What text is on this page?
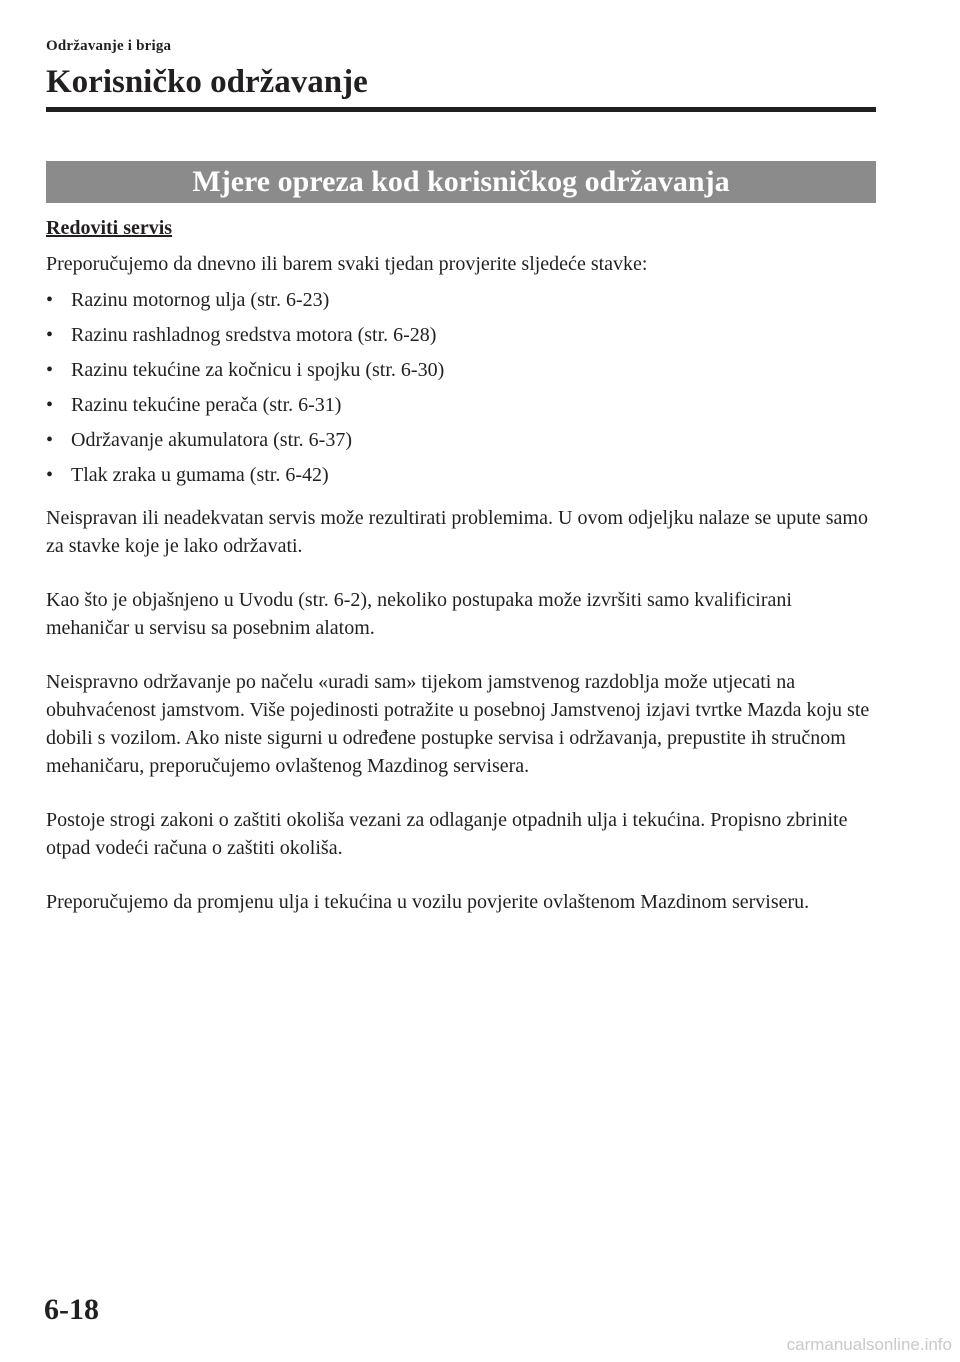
Održavanje i briga
Korisničko održavanje
Mjere opreza kod korisničkog održavanja
Redoviti servis

Preporučujemo da dnevno ili barem svaki tjedan provjerite sljedeće stavke:

• Razinu motornog ulja (str. 6-23)
• Razinu rashladnog sredstva motora (str. 6-28)
• Razinu tekućine za kočnicu i spojku (str. 6-30)
• Razinu tekućine perača (str. 6-31)
• Održavanje akumulatora (str. 6-37)
• Tlak zraka u gumama (str. 6-42)

Neispravan ili neadekvatan servis može rezultirati problemima. U ovom odjeljku nalaze se upute samo za stavke koje je lako održavati.

Kao što je objašnjeno u Uvodu (str. 6-2), nekoliko postupaka može izvršiti samo kvalificirani mehaničar u servisu sa posebnim alatom.

Neispravno održavanje po načelu «uradi sam» tijekom jamstvenog razdoblja može utjecati na obuhvaćenost jamstvom. Više pojedinosti potražite u posebnoj Jamstvenoj izjavi tvrtke Mazda koju ste dobili s vozilom. Ako niste sigurni u određene postupke servisa i održavanja, prepustite ih stručnom mehaničaru, preporučujemo ovlaštenog Mazdinog servisera.

Postoje strogi zakoni o zaštiti okoliša vezani za odlaganje otpadnih ulja i tekućina. Propisno zbrinite otpad vodeći računa o zaštiti okoliša.

Preporučujemo da promjenu ulja i tekućina u vozilu povjerite ovlaštenom Mazdinom serviseru.

6-18
carmanualsonline.info
